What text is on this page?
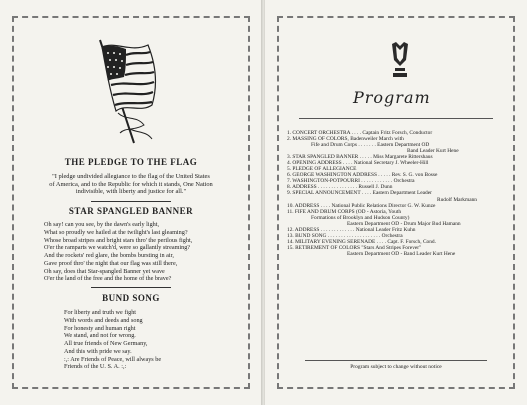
THE PLEDGE TO THE FLAG
"I pledge undivided allegiance to the flag of the United States
of America, and to the Republic for which it stands, One Nation
indivisible, with liberty and justice for all."
STAR SPANGLED BANNER
Oh say! can you see, by the dawn's early light,
What so proudly we hailed at the twilight's last gleaming?
Whose broad stripes and bright stars thro' the perilous fight,
O'er the ramparts we watch'd, were so gallantly streaming?
And the rockets' red glare, the bombs bursting in air,
Gave proof thro' the night that our flag was still there,
Oh say, does that Star-spangled Banner yet wave
O'er the land of the free and the home of the brave?
BUND SONG
For liberty and truth we fight
With words and deeds and song
For honesty and human right
We stand, and not for wrong.
All true friends of New Germany,
And this with pride we say.
:,: Are Friends of Peace, will always be
Friends of the U. S. A. :,:
Program
1. CONCERT ORCHESTRA . . . . Captain Fritz Forsch, Conductor
2. MASSING OF COLORS, Badenweiler March with
Fife and Drum Corps . . . . . . . Eastern Department OD
Band Leader Kurt Hene
3. STAR SPANGLED BANNER . . . . . Miss Margarete Rittershaus
4. OPENING ADDRESS . . . . National Secretary J. Wheeler-Hill
5. PLEDGE OF ALLEGIANCE
6. GEORGE WASHINGTON ADDRESS . . . . . Rev. S. G. von Bosse
7. WASHINGTON-POTPOURRI . . . . . . . . . . . . Orchestra
8. ADDRESS . . . . . . . . . . . . . . . Russell J. Dunn
9. SPECIAL ANNOUNCEMENT . . . . Eastern Department Leader
Rudolf Markmann
10. ADDRESS . . . . National Public Relations Director G. W. Kunze
11. FIFE AND DRUM CORPS (OD - Astoria, Youth
Formations of Brooklyn and Hudson County)
Eastern Department OD - Drum Major Bud Hamann
12. ADDRESS . . . . . . . . . . . . . National Leader Fritz Kuhn
13. BUND SONG . . . . . . . . . . . . . . . . . . . . Orchestra
14. MILITARY EVENING SERENADE . . . . Capt. F. Forsch, Cond.
15. RETIREMENT OF COLORS "Stars And Stripes Forever"
Eastern Department OD - Band Leader Kurt Hene
Program subject to change without notice
